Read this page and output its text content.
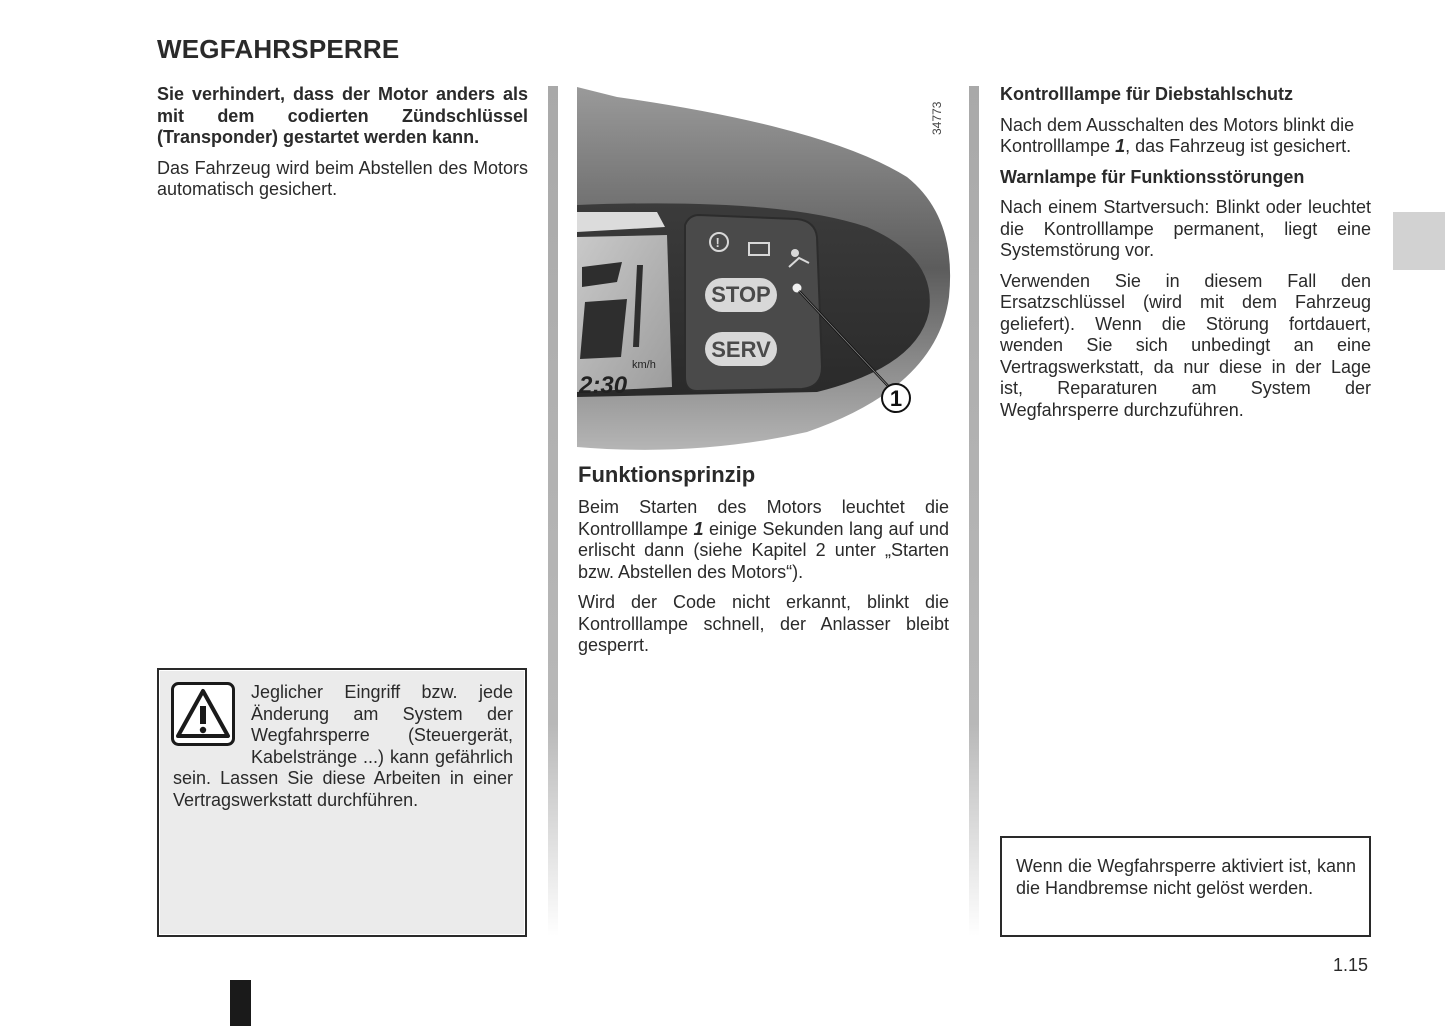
WEGFAHRSPERRE

Sie verhindert, dass der Motor anders als mit dem codierten Zündschlüssel (Transponder) gestartet werden kann.

Das Fahrzeug wird beim Abstellen des Motors automatisch gesichert.

Jeglicher Eingriff bzw. jede Änderung am System der Wegfahrsperre (Steuergerät, Kabelstränge ...) kann gefährlich sein. Lassen Sie diese Arbeiten in einer Vertragswerkstatt durchführen.

km/h
2:30
!
STOP
SERV
1
34773

Funktionsprinzip

Beim Starten des Motors leuchtet die Kontrolllampe 1 einige Sekunden lang auf und erlischt dann (siehe Kapitel 2 unter „Starten bzw. Abstellen des Motors“).

Wird der Code nicht erkannt, blinkt die Kontrolllampe schnell, der Anlasser bleibt gesperrt.

Kontrolllampe für Diebstahlschutz

Nach dem Ausschalten des Motors blinkt die Kontrolllampe 1, das Fahrzeug ist gesichert.

Warnlampe für Funktionsstörungen

Nach einem Startversuch: Blinkt oder leuchtet die Kontrolllampe permanent, liegt eine Systemstörung vor.

Verwenden Sie in diesem Fall den Ersatzschlüssel (wird mit dem Fahrzeug geliefert). Wenn die Störung fortdauert, wenden Sie sich unbedingt an eine Vertragswerkstatt, da nur diese in der Lage ist, Reparaturen am System der Wegfahrsperre durchzuführen.

Wenn die Wegfahrsperre aktiviert ist, kann die Handbremse nicht gelöst werden.

1.15
